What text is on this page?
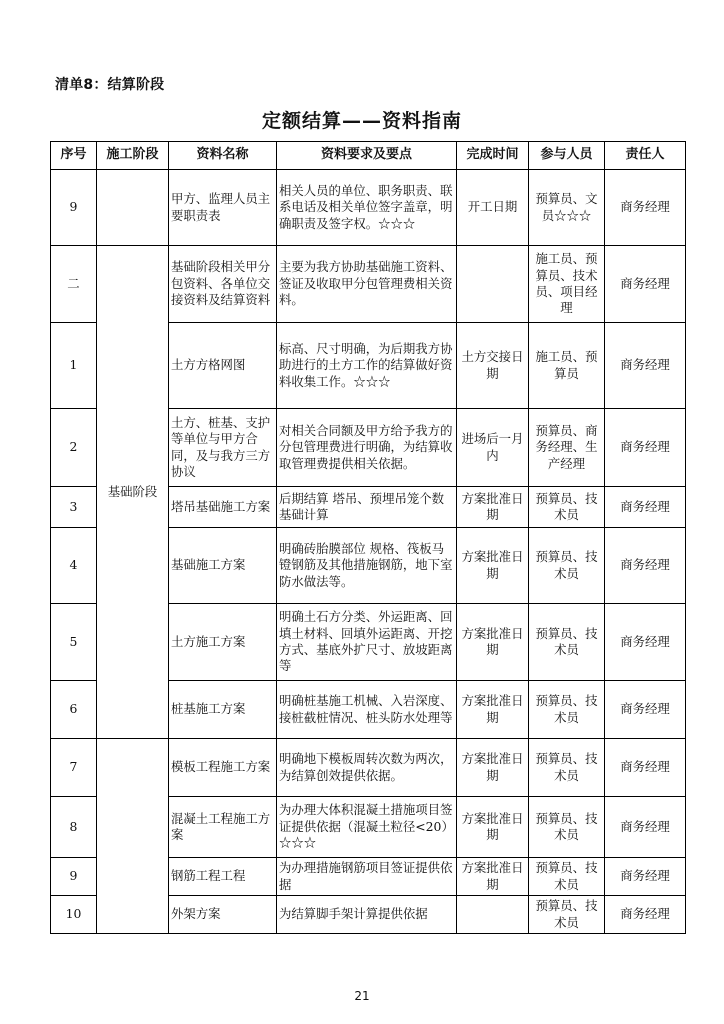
清单8：结算阶段
定额结算——资料指南
序号	施工阶段	资料名称	资料要求及要点	完成时间	参与人员	责任人
9		甲方、监理人员主要职责表	相关人员的单位、职务职责、联系电话及相关单位签字盖章，明确职责及签字权。☆☆☆	开工日期	预算员、文员☆☆☆	商务经理
二	基础阶段	基础阶段相关甲分包资料、各单位交接资料及结算资料	主要为我方协助基础施工资料、签证及收取甲分包管理费相关资料。		施工员、预算员、技术员、项目经理	商务经理
1		土方方格网图	标高、尺寸明确，为后期我方协助进行的土方工作的结算做好资料收集工作。☆☆☆	土方交接日期	施工员、预算员	商务经理
2		土方、桩基、支护等单位与甲方合同，及与我方三方协议	对相关合同额及甲方给予我方的分包管理费进行明确，为结算收取管理费提供相关依据。	进场后一月内	预算员、商务经理、生产经理	商务经理
3		塔吊基础施工方案	后期结算 塔吊、预埋吊笼个数 基础计算	方案批准日期	预算员、技术员	商务经理
4		基础施工方案	明确砖胎膜部位 规格、筏板马镫钢筋及其他措施钢筋，地下室防水做法等。	方案批准日期	预算员、技术员	商务经理
5		土方施工方案	明确土石方分类、外运距离、回填土材料、回填外运距离、开挖方式、基底外扩尺寸、放坡距离等	方案批准日期	预算员、技术员	商务经理
6		桩基施工方案	明确桩基施工机械、入岩深度、接桩截桩情况、桩头防水处理等	方案批准日期	预算员、技术员	商务经理
7		模板工程施工方案	明确地下模板周转次数为两次，为结算创效提供依据。	方案批准日期	预算员、技术员	商务经理
8		混凝土工程施工方案	为办理大体积混凝土措施项目签证提供依据（混凝土粒径<20）☆☆☆	方案批准日期	预算员、技术员	商务经理
9		钢筋工程工程	为办理措施钢筋项目签证提供依据	方案批准日期	预算员、技术员	商务经理
10		外架方案	为结算脚手架计算提供依据		预算员、技术员	商务经理
21
